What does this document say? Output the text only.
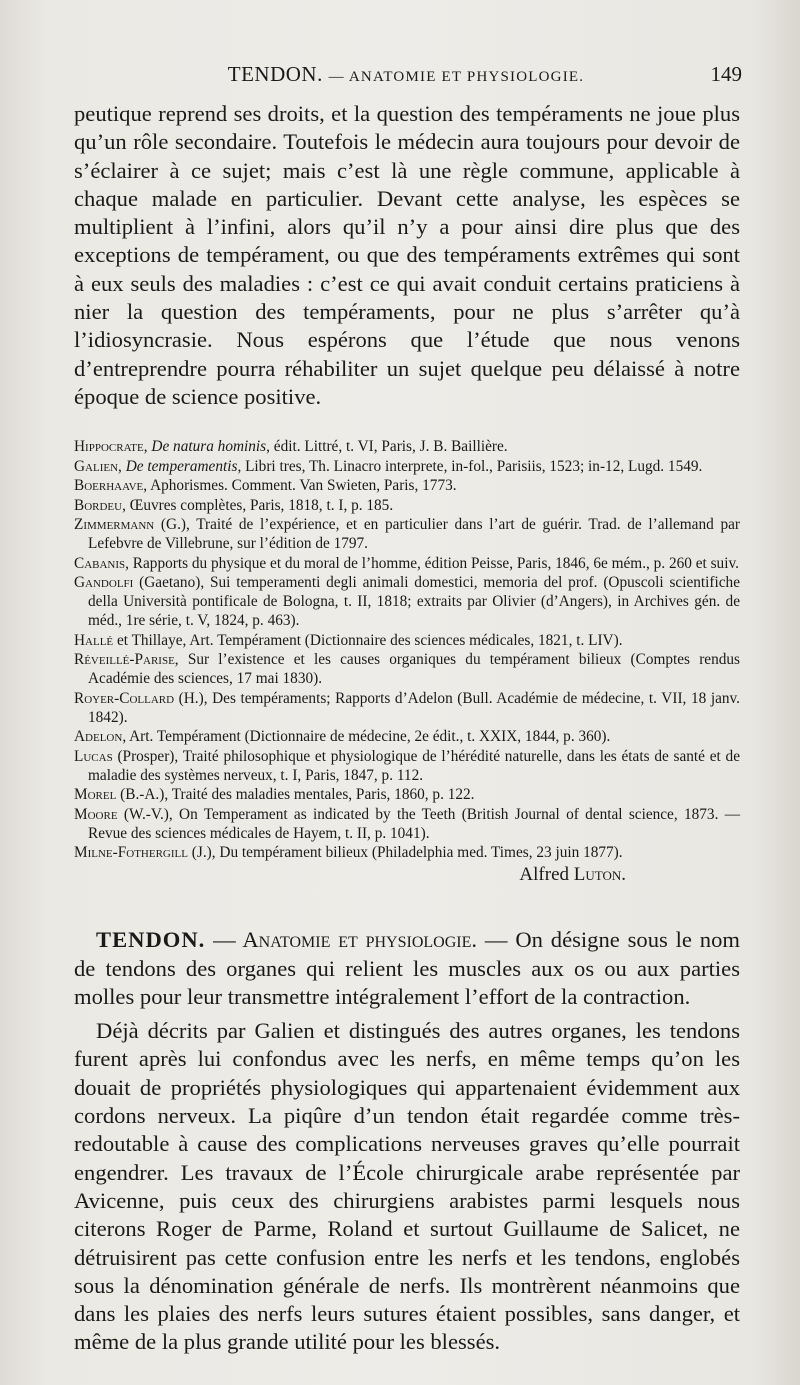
TENDON. — ANATOMIE ET PHYSIOLOGIE.	149

peutique reprend ses droits, et la question des tempéraments ne joue plus qu’un rôle secondaire. Toutefois le médecin aura toujours pour devoir de s’éclairer à ce sujet; mais c’est là une règle commune, applicable à chaque malade en particulier. Devant cette analyse, les espèces se multiplient à l’infini, alors qu’il n’y a pour ainsi dire plus que des exceptions de tempérament, ou que des tempéraments extrêmes qui sont à eux seuls des maladies : c’est ce qui avait conduit certains praticiens à nier la question des tempéraments, pour ne plus s’arrêter qu’à l’idiosyncrasie. Nous espérons que l’étude que nous venons d’entreprendre pourra réhabiliter un sujet quelque peu délaissé à notre époque de science positive.

Hippocrate, De natura hominis, édit. Littré, t. VI, Paris, J. B. Baillière.

Galien, De temperamentis, Libri tres, Th. Linacro interprete, in-fol., Parisiis, 1523; in-12, Lugd. 1549.

Boerhaave, Aphorismes. Comment. Van Swieten, Paris, 1773.

Bordeu, Œuvres complètes, Paris, 1818, t. I, p. 185.

Zimmermann (G.), Traité de l’expérience, et en particulier dans l’art de guérir. Trad. de l’allemand par Lefebvre de Villebrune, sur l’édition de 1797.

Cabanis, Rapports du physique et du moral de l’homme, édition Peisse, Paris, 1846, 6e mém., p. 260 et suiv.

Gandolfi (Gaetano), Sui temperamenti degli animali domestici, memoria del prof. (Opuscoli scientifiche della Università pontificale de Bologna, t. II, 1818; extraits par Olivier (d’Angers), in Archives gén. de méd., 1re série, t. V, 1824, p. 463).

Hallé et Thillaye, Art. Tempérament (Dictionnaire des sciences médicales, 1821, t. LIV).

Réveillé-Parise, Sur l’existence et les causes organiques du tempérament bilieux (Comptes rendus Académie des sciences, 17 mai 1830).

Royer-Collard (H.), Des tempéraments; Rapports d’Adelon (Bull. Académie de médecine, t. VII, 18 janv. 1842).

Adelon, Art. Tempérament (Dictionnaire de médecine, 2e édit., t. XXIX, 1844, p. 360).

Lucas (Prosper), Traité philosophique et physiologique de l’hérédité naturelle, dans les états de santé et de maladie des systèmes nerveux, t. I, Paris, 1847, p. 112.

Morel (B.-A.), Traité des maladies mentales, Paris, 1860, p. 122.

Moore (W.-V.), On Temperament as indicated by the Teeth (British Journal of dental science, 1873. — Revue des sciences médicales de Hayem, t. II, p. 1041).

Milne-Fothergill (J.), Du tempérament bilieux (Philadelphia med. Times, 23 juin 1877).

Alfred Luton.

TENDON. — Anatomie et physiologie. — On désigne sous le nom de tendons des organes qui relient les muscles aux os ou aux parties molles pour leur transmettre intégralement l’effort de la contraction.

Déjà décrits par Galien et distingués des autres organes, les tendons furent après lui confondus avec les nerfs, en même temps qu’on les douait de propriétés physiologiques qui appartenaient évidemment aux cordons nerveux. La piqûre d’un tendon était regardée comme très-redoutable à cause des complications nerveuses graves qu’elle pourrait engendrer. Les travaux de l’École chirurgicale arabe représentée par Avicenne, puis ceux des chirurgiens arabistes parmi lesquels nous citerons Roger de Parme, Roland et surtout Guillaume de Salicet, ne détruisirent pas cette confusion entre les nerfs et les tendons, englobés sous la dénomination générale de nerfs. Ils montrèrent néanmoins que dans les plaies des nerfs leurs sutures étaient possibles, sans danger, et même de la plus grande utilité pour les blessés.
